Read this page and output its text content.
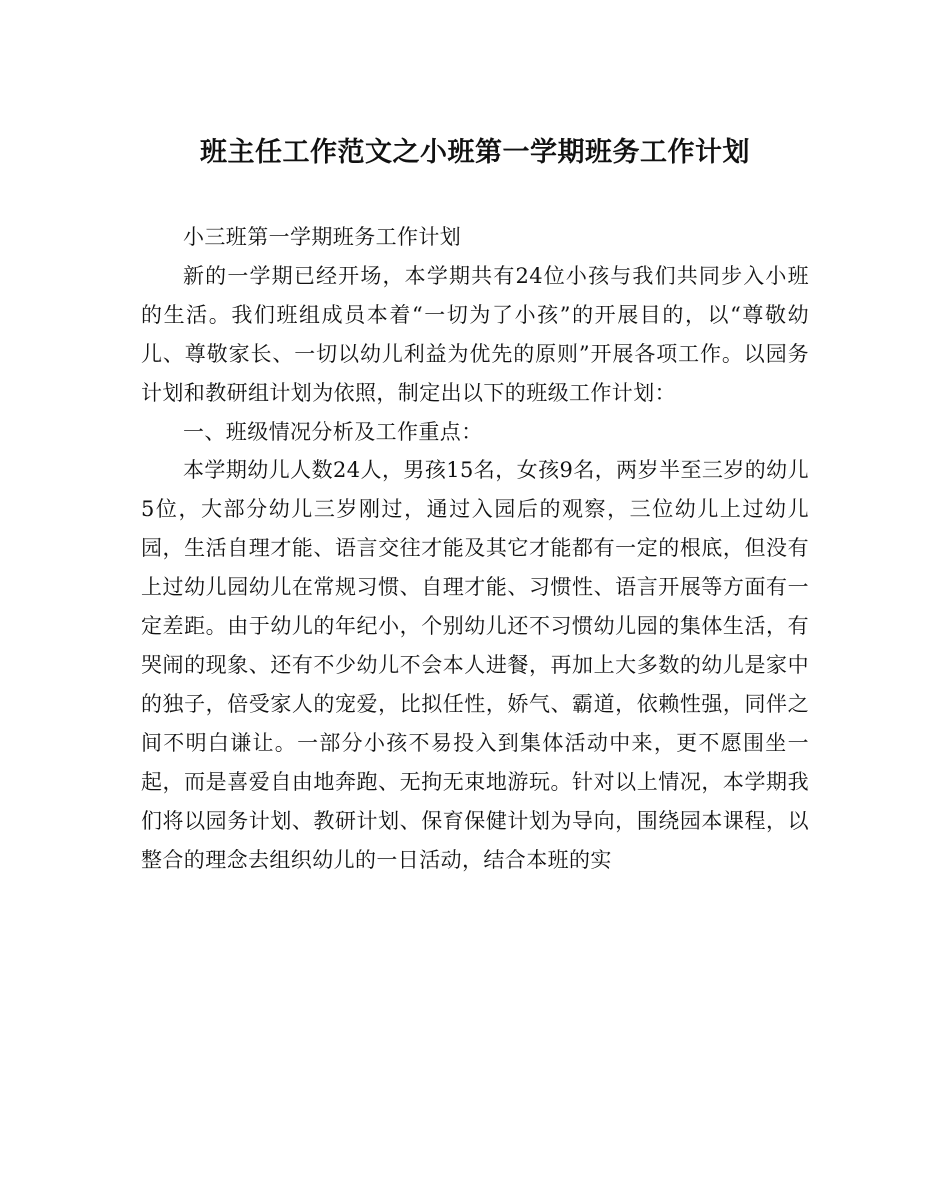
班主任工作范文之小班第一学期班务工作计划

小三班第一学期班务工作计划

新的一学期已经开场，本学期共有24位小孩与我们共同步入小班的生活。我们班组成员本着“一切为了小孩”的开展目的，以“尊敬幼儿、尊敬家长、一切以幼儿利益为优先的原则”开展各项工作。以园务计划和教研组计划为依照，制定出以下的班级工作计划：

一、班级情况分析及工作重点：

本学期幼儿人数24人，男孩15名，女孩9名，两岁半至三岁的幼儿5位，大部分幼儿三岁刚过，通过入园后的观察，三位幼儿上过幼儿园，生活自理才能、语言交往才能及其它才能都有一定的根底，但没有上过幼儿园幼儿在常规习惯、自理才能、习惯性、语言开展等方面有一定差距。由于幼儿的年纪小，个别幼儿还不习惯幼儿园的集体生活，有哭闹的现象、还有不少幼儿不会本人进餐，再加上大多数的幼儿是家中的独子，倍受家人的宠爱，比拟任性，娇气、霸道，依赖性强，同伴之间不明白谦让。一部分小孩不易投入到集体活动中来，更不愿围坐一起，而是喜爱自由地奔跑、无拘无束地游玩。针对以上情况，本学期我们将以园务计划、教研计划、保育保健计划为导向，围绕园本课程，以整合的理念去组织幼儿的一日活动，结合本班的实
